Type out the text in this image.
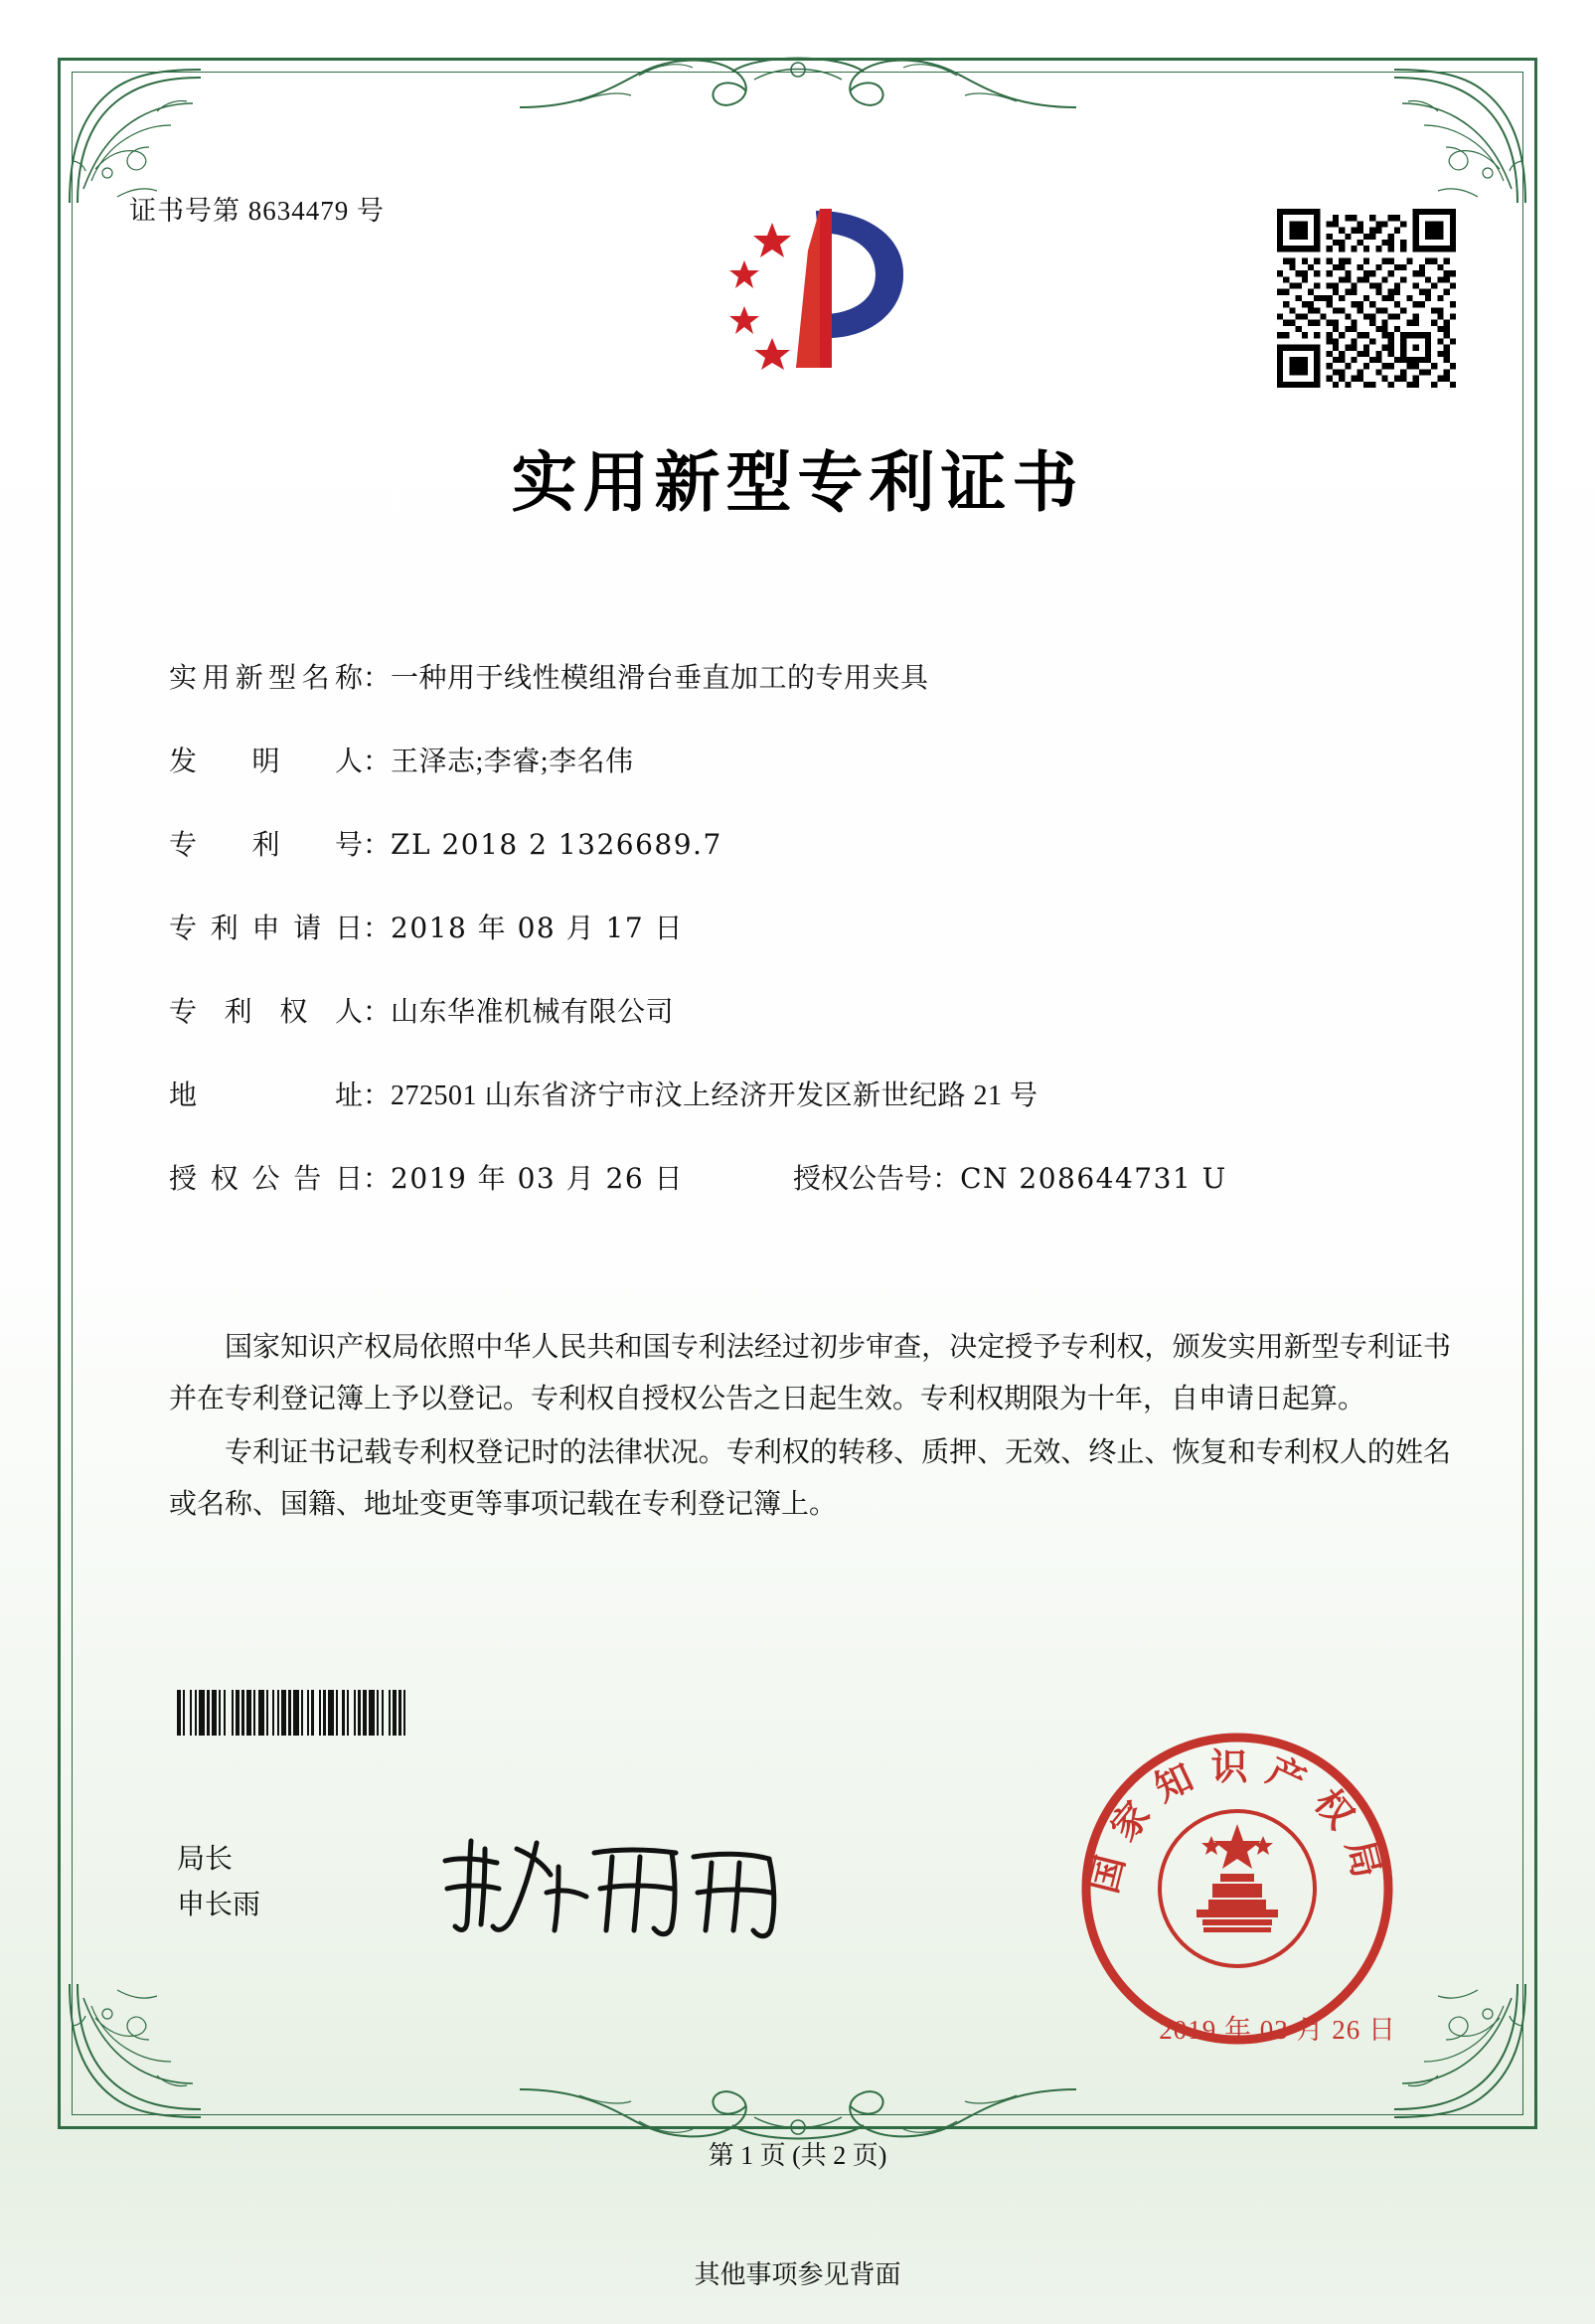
证书号第 8634479 号
实用新型专利证书
实 用 新 型 名 称 ： 一种用于线性模组滑台垂直加工的专用夹具
发 明 人 ： 王泽志;李睿;李名伟
专 利 号 ： ZL 2018 2 1326689.7
专 利 申 请 日 ： 2018 年 08 月 17 日
专 利 权 人 ： 山东华准机械有限公司
地	址 ： 272501 山东省济宁市汶上经济开发区新世纪路 21 号
授 权 公 告 日 ： 2019 年 03 月 26 日	授权公告号 ： CN 208644731 U

国家知识产权局依照中华人民共和国专利法经过初步审查，决定授予专利权，颁发实用新型专利证书并在专利登记簿上予以登记。专利权自授权公告之日起生效。专利权期限为十年，自申请日起算。

专利证书记载专利权登记时的法律状况。专利权的转移、质押、无效、终止、恢复和专利权人的姓名或名称、国籍、地址变更等事项记载在专利登记簿上。

局长
申长雨
国家知识产权局
2019 年 03 月 26 日
第 1 页 (共 2 页)
其他事项参见背面
